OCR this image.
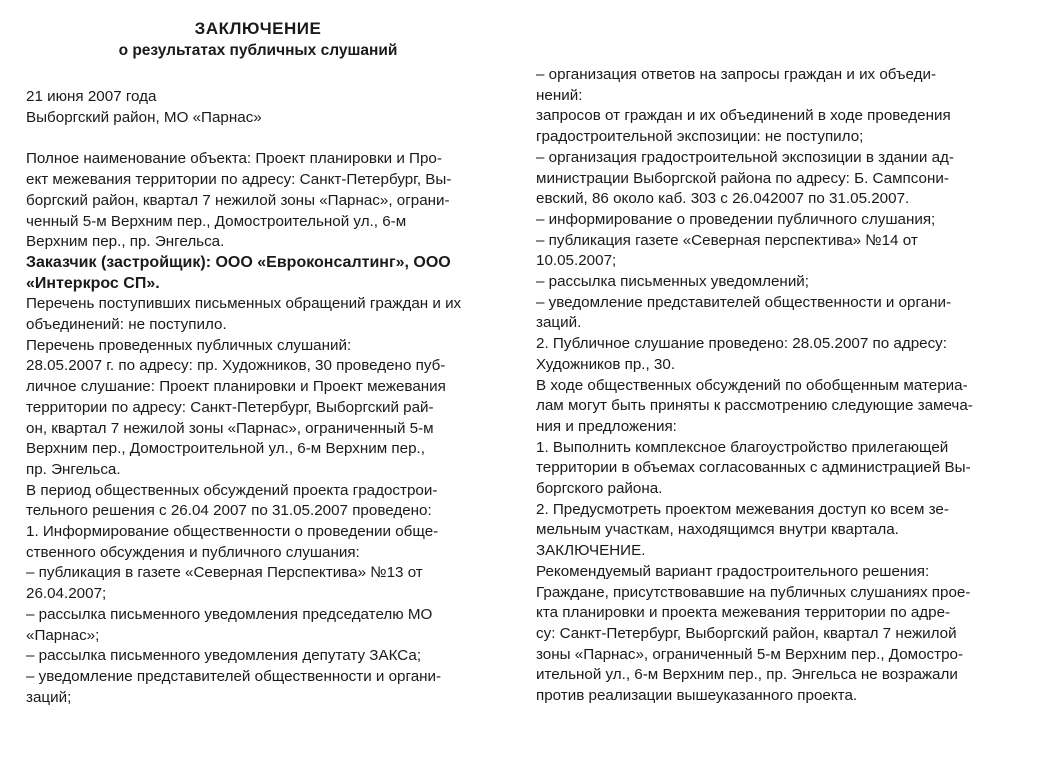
ЗАКЛЮЧЕНИЕ
о результатах публичных слушаний

21 июня 2007 года

Выборгский район, МО «Парнас»

Полное наименование объекта: Проект планировки и Про-

ект межевания территории по адресу: Санкт-Петербург, Вы-

боргский район, квартал 7 нежилой зоны «Парнас», ограни-

ченный 5-м Верхним пер., Домостроительной ул., 6-м

Верхним пер., пр. Энгельса.

Заказчик (застройщик): ООО «Евроконсалтинг», ООО

«Интеркрос СП».

Перечень поступивших письменных обращений граждан и их

объединений: не поступило.

Перечень проведенных публичных слушаний:

28.05.2007 г. по адресу: пр. Художников, 30 проведено пуб-

личное слушание: Проект планировки и Проект межевания

территории по адресу: Санкт-Петербург, Выборгский рай-

он, квартал 7 нежилой зоны «Парнас», ограниченный 5-м

Верхним пер., Домостроительной ул., 6-м Верхним пер.,

пр. Энгельса.

В период общественных обсуждений проекта градострои-

тельного решения с 26.04 2007 по 31.05.2007 проведено:

1. Информирование общественности о проведении обще-

ственного обсуждения и публичного слушания:

– публикация в газете «Северная Перспектива» №13 от

26.04.2007;

– рассылка письменного уведомления председателю МО

«Парнас»;

– рассылка письменного уведомления депутату ЗАКСа;

– уведомление представителей общественности и органи-

заций;

– организация ответов на запросы граждан и их объеди-

нений:

запросов от граждан и их объединений в ходе проведения

градостроительной экспозиции: не поступило;

– организация градостроительной экспозиции в здании ад-

министрации Выборгской района по адресу: Б. Сампсони-

евский, 86 около каб. 303 с 26.042007 по 31.05.2007.

– информирование о проведении публичного слушания;

– публикация газете «Северная перспектива» №14 от

10.05.2007;

– рассылка письменных уведомлений;

– уведомление представителей общественности и органи-

заций.

2. Публичное слушание проведено: 28.05.2007 по адресу:

Художников пр., 30.

В ходе общественных обсуждений по обобщенным материа-

лам могут быть приняты к рассмотрению следующие замеча-

ния и предложения:

1. Выполнить комплексное благоустройство прилегающей

территории в объемах согласованных с администрацией Вы-

боргского района.

2. Предусмотреть проектом межевания доступ ко всем зе-

мельным участкам, находящимся внутри квартала.

ЗАКЛЮЧЕНИЕ.

Рекомендуемый вариант градостроительного решения:

Граждане, присутствовавшие на публичных слушаниях прое-

кта планировки и проекта межевания территории по адре-

су: Санкт-Петербург, Выборгский район, квартал 7 нежилой

зоны «Парнас», ограниченный 5-м Верхним пер., Домостро-

ительной ул., 6-м Верхним пер., пр. Энгельса не возражали

против реализации вышеуказанного проекта.
